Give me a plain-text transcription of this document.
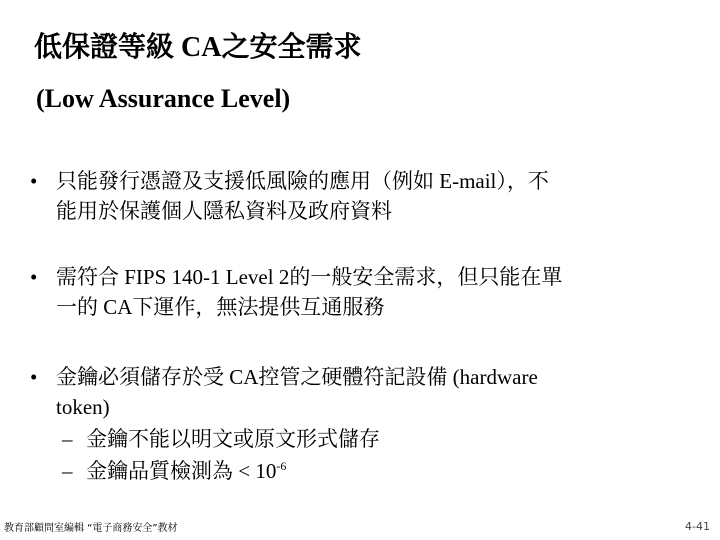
低保證等級 CA之安全需求
(Low Assurance Level)
• 只能發行憑證及支援低風險的應用（例如 E-mail），不
能用於保護個人隱私資料及政府資料
• 需符合 FIPS 140-1 Level 2的一般安全需求，但只能在單
一的 CA下運作，無法提供互通服務
• 金鑰必須儲存於受 CA控管之硬體符記設備 (hardware
token)
– 金鑰不能以明文或原文形式儲存
– 金鑰品質檢測為 < $10^{-6}$
教育部顧問室編輯 “電子商務安全”教材	4-41
